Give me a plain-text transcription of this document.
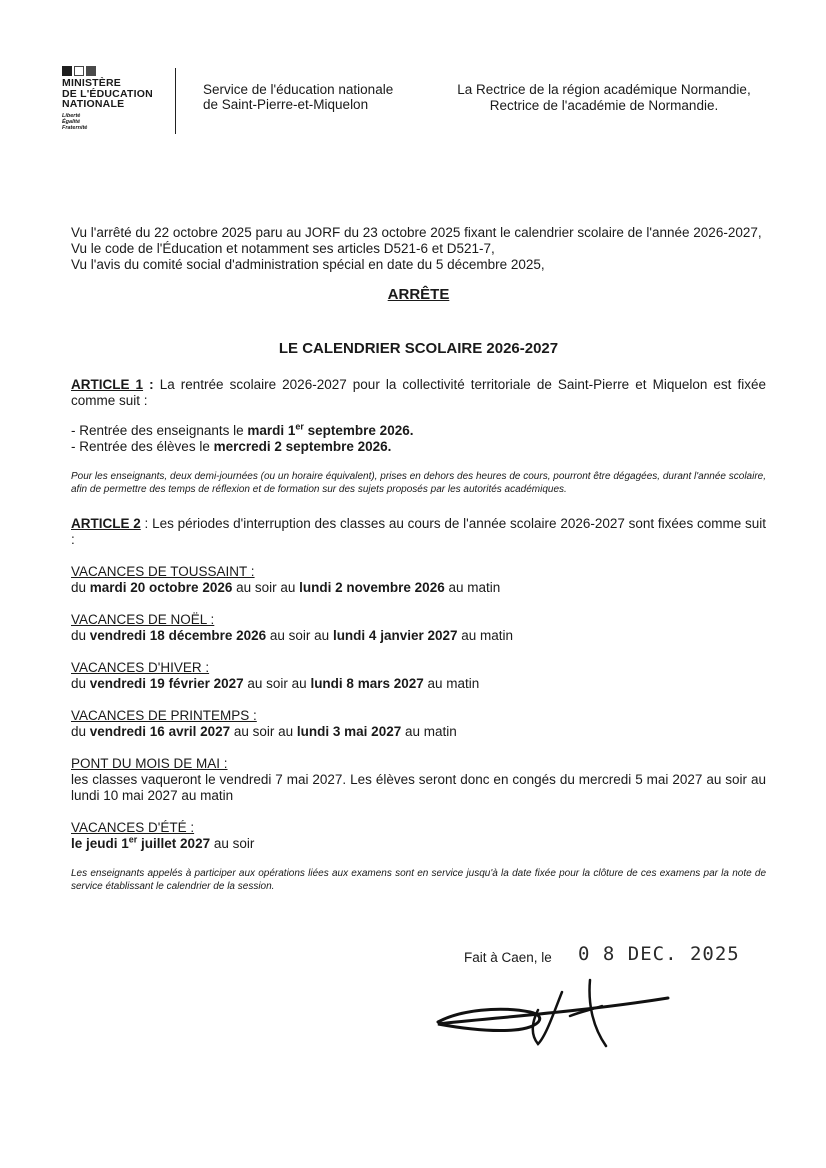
MINISTÈRE
DE L'ÉDUCATION
NATIONALE
Liberté
Égalité
Fraternité
Service de l'éducation nationale
de Saint-Pierre-et-Miquelon
La Rectrice de la région académique Normandie,
Rectrice de l'académie de Normandie.

Vu l'arrêté du 22 octobre 2025 paru au JORF du 23 octobre 2025 fixant le calendrier scolaire de l'année 2026-2027,

Vu le code de l'Éducation et notamment ses articles D521-6 et D521-7,

Vu l'avis du comité social d'administration spécial en date du 5 décembre 2025,

ARRÊTE
LE CALENDRIER SCOLAIRE 2026-2027
ARTICLE 1 : La rentrée scolaire 2026-2027 pour la collectivité territoriale de Saint-Pierre et Miquelon est fixée comme suit :
- Rentrée des enseignants le mardi 1er septembre 2026.
- Rentrée des élèves le mercredi 2 septembre 2026.

Pour les enseignants, deux demi-journées (ou un horaire équivalent), prises en dehors des heures de cours, pourront être dégagées, durant l'année scolaire, afin de permettre des temps de réflexion et de formation sur des sujets proposés par les autorités académiques.

ARTICLE 2 : Les périodes d'interruption des classes au cours de l'année scolaire 2026-2027 sont fixées comme suit :
VACANCES DE TOUSSAINT :
du mardi 20 octobre 2026 au soir au lundi 2 novembre 2026 au matin
VACANCES DE NOËL :
du vendredi 18 décembre 2026 au soir au lundi 4 janvier 2027 au matin
VACANCES D'HIVER :
du vendredi 19 février 2027 au soir au lundi 8 mars 2027 au matin
VACANCES DE PRINTEMPS :
du vendredi 16 avril 2027 au soir au lundi 3 mai 2027 au matin
PONT DU MOIS DE MAI :
les classes vaqueront le vendredi 7 mai 2027. Les élèves seront donc en congés du mercredi 5 mai 2027 au soir au lundi 10 mai 2027 au matin
VACANCES D'ÉTÉ :
le jeudi 1er juillet 2027 au soir

Les enseignants appelés à participer aux opérations liées aux examens sont en service jusqu'à la date fixée pour la clôture de ces examens par la note de service établissant le calendrier de la session.

Fait à Caen, le 0 8 DEC. 2025
